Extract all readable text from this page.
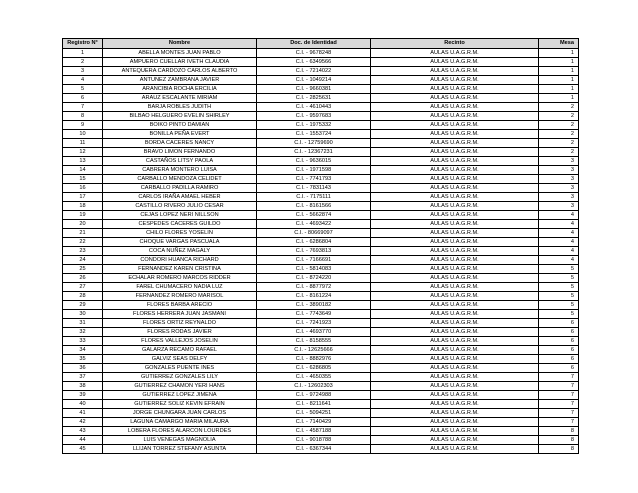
Registro N°	Nombre	Doc. de Identidad	Recinto	Mesa
1	ABELLA MONTES JUAN PABLO	C.I. - 9678248	AULAS U.A.G.R.M.	1
2	AMPUERO CUELLAR IVETH CLAUDIA	C.I. - 6349566	AULAS U.A.G.R.M.	1
3	ANTEQUERA CARDOZO CARLOS ALBERTO	C.I. - 7214022	AULAS U.A.G.R.M.	1
4	ANTUNEZ ZAMBRANA JAVIER	C.I. - 1049214	AULAS U.A.G.R.M.	1
5	ARANCIBIA ROCHA ERCILIA	C.I. - 9660381	AULAS U.A.G.R.M.	1
6	ARAUZ ESCALANTE MIRIAM	C.I. - 2825631	AULAS U.A.G.R.M.	1
7	BARJA ROBLES JUDITH	C.I. - 4610443	AULAS U.A.G.R.M.	2
8	BILBAO HELGUERO EVELIN SHIRLEY	C.I. - 9597683	AULAS U.A.G.R.M.	2
9	BOIKO PINTO DAMIAN	C.I. - 1975332	AULAS U.A.G.R.M.	2
10	BONILLA PEÑA EVERT	C.I. - 1553724	AULAS U.A.G.R.M.	2
11	BORDA CACERES NANCY	C.I. - 12759690	AULAS U.A.G.R.M.	2
12	BRAVO LIMON FERNANDO	C.I. - 12367231	AULAS U.A.G.R.M.	2
13	CASTAÑOS LITSY PAOLA	C.I. - 9636015	AULAS U.A.G.R.M.	3
14	CABRERA MONTERO LUISA	C.I. - 1971598	AULAS U.A.G.R.M.	3
15	CARBALLO MENDOZA CELIDET	C.I. - 7741793	AULAS U.A.G.R.M.	3
16	CARBALLO PADILLA RAMIRO	C.I. - 7831143	AULAS U.A.G.R.M.	3
17	CARLOS IRAÑA AMAEL HEBER	C.I. - 7175111	AULAS U.A.G.R.M.	3
18	CASTILLO RIVERO JULIO CESAR	C.I. - 8161566	AULAS U.A.G.R.M.	3
19	CEJAS LOPEZ NERI NILLSON	C.I. - 5662874	AULAS U.A.G.R.M.	4
20	CESPEDES CACERES GUILDO	C.I. - 4693422	AULAS U.A.G.R.M.	4
21	CHILO FLORES YOSELIN	C.I. - 80669097	AULAS U.A.G.R.M.	4
22	CHOQUE VARGAS PASCUALA	C.I. - 6286804	AULAS U.A.G.R.M.	4
23	COCA NUÑEZ MAGALY	C.I. - 7693813	AULAS U.A.G.R.M.	4
24	CONDORI HUANCA RICHARD	C.I. - 7166691	AULAS U.A.G.R.M.	4
25	FERNANDEZ KAREN CRISTINA	C.I. - 5814083	AULAS U.A.G.R.M.	5
26	ECHALAR ROMERO MARCOS RIDDER	C.I. - 8724220	AULAS U.A.G.R.M.	5
27	FAREL CHUMACERO NADIA LUZ	C.I. - 8877972	AULAS U.A.G.R.M.	5
28	FERNANDEZ ROMERO MARISOL	C.I. - 8161224	AULAS U.A.G.R.M.	5
29	FLORES BARBA ARECIO	C.I. - 3890182	AULAS U.A.G.R.M.	5
30	FLORES HERRERA JUAN JASMANI	C.I. - 7743649	AULAS U.A.G.R.M.	5
31	FLORES ORTIZ REYNALDO	C.I. - 7241923	AULAS U.A.G.R.M.	6
32	FLORES RODAS JAVIER	C.I. - 4693770	AULAS U.A.G.R.M.	6
33	FLORES VALLEJOS JOSELIN	C.I. - 8158555	AULAS U.A.G.R.M.	6
34	GALARZA RECAMO RAFAEL	C.I. - 12625666	AULAS U.A.G.R.M.	6
35	GALVIZ SEAS DELFY	C.I. - 8882976	AULAS U.A.G.R.M.	6
36	GONZALES PUENTE INES	C.I. - 6286805	AULAS U.A.G.R.M.	6
37	GUTIERREZ GONZALES LILY	C.I. - 4650355	AULAS U.A.G.R.M.	7
38	GUTIERREZ CHAMON YERI HANS	C.I. - 12602303	AULAS U.A.G.R.M.	7
39	GUTIERREZ LOPEZ JIMENA	C.I. - 9724988	AULAS U.A.G.R.M.	7
40	GUTIERREZ SOLIZ KEVIN EFRAIN	C.I. - 8211641	AULAS U.A.G.R.M.	7
41	JORGE CHUNGARA JUAN CARLOS	C.I. - 5094251	AULAS U.A.G.R.M.	7
42	LAGUNA CAMARGO MARIA MILAURA	C.I. - 7140429	AULAS U.A.G.R.M.	7
43	LOBERA FLORES ALARCON LOURDES	C.I. - 4587188	AULAS U.A.G.R.M.	8
44	LUIS VENEGAS MAGNOLIA	C.I. - 9018788	AULAS U.A.G.R.M.	8
45	LLIJAN TORREZ STEFANY ASUNTA	C.I. - 6367344	AULAS U.A.G.R.M.	8
